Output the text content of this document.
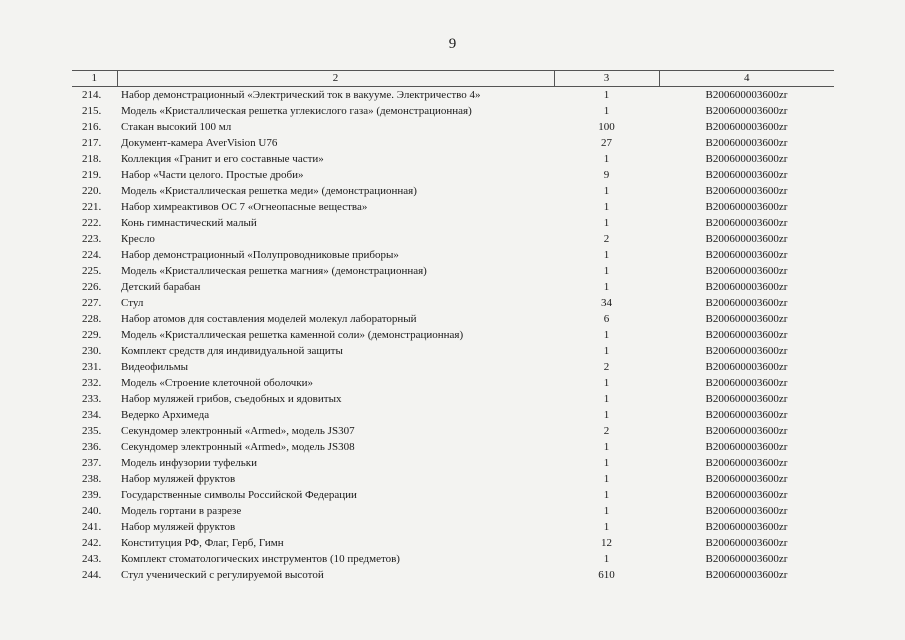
9
1	2	3	4
214.	Набор демонстрационный «Электрический ток в вакууме. Электричество 4»	1	B200600003600zr
215.	Модель «Кристаллическая решетка углекислого газа» (демонстрационная)	1	B200600003600zr
216.	Стакан высокий 100 мл	100	B200600003600zr
217.	Документ-камера AverVision U76	27	B200600003600zr
218.	Коллекция «Гранит и его составные части»	1	B200600003600zr
219.	Набор «Части целого. Простые дроби»	9	B200600003600zr
220.	Модель «Кристаллическая решетка меди» (демонстрационная)	1	B200600003600zr
221.	Набор химреактивов ОС 7 «Огнеопасные вещества»	1	B200600003600zr
222.	Конь гимнастический малый	1	B200600003600zr
223.	Кресло	2	B200600003600zr
224.	Набор демонстрационный «Полупроводниковые приборы»	1	B200600003600zr
225.	Модель «Кристаллическая решетка магния» (демонстрационная)	1	B200600003600zr
226.	Детский барабан	1	B200600003600zr
227.	Стул	34	B200600003600zr
228.	Набор атомов для составления моделей молекул лабораторный	6	B200600003600zr
229.	Модель «Кристаллическая решетка каменной соли» (демонстрационная)	1	B200600003600zr
230.	Комплект средств для индивидуальной защиты	1	B200600003600zr
231.	Видеофильмы	2	B200600003600zr
232.	Модель «Строение клеточной оболочки»	1	B200600003600zr
233.	Набор муляжей грибов, съедобных и ядовитых	1	B200600003600zr
234.	Ведерко Архимеда	1	B200600003600zr
235.	Секундомер электронный «Armed», модель JS307	2	B200600003600zr
236.	Секундомер электронный «Armed», модель JS308	1	B200600003600zr
237.	Модель инфузории туфельки	1	B200600003600zr
238.	Набор муляжей фруктов	1	B200600003600zr
239.	Государственные символы Российской Федерации	1	B200600003600zr
240.	Модель гортани в разрезе	1	B200600003600zr
241.	Набор муляжей фруктов	1	B200600003600zr
242.	Конституция РФ, Флаг, Герб, Гимн	12	B200600003600zr
243.	Комплект стоматологических инструментов (10 предметов)	1	B200600003600zr
244.	Стул ученический с регулируемой высотой	610	B200600003600zr
